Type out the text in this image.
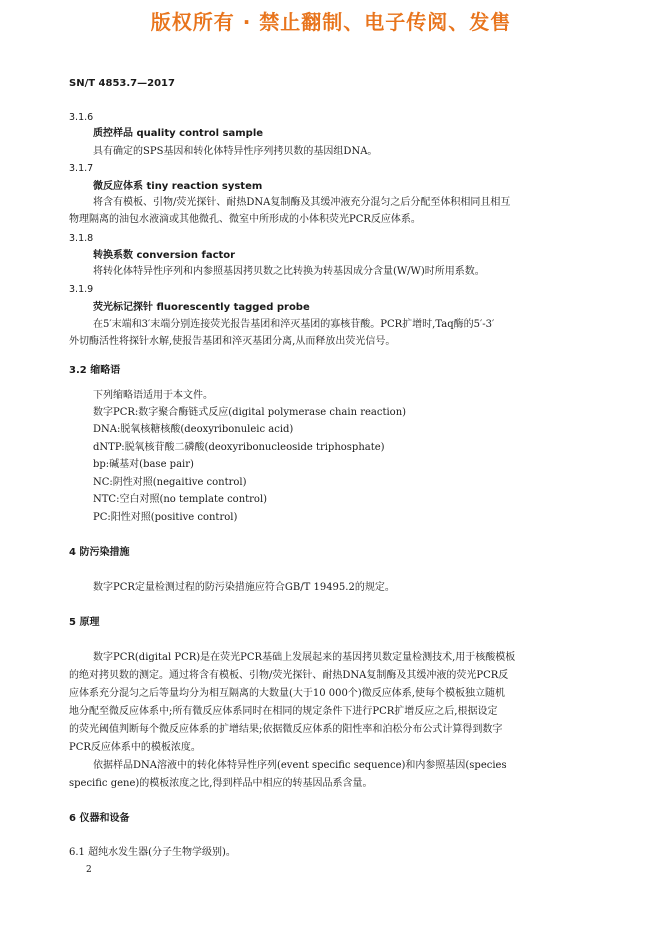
版权所有 · 禁止翻制、电子传阅、发售
SN/T 4853.7—2017
3.1.6
质控样品 quality control sample
具有确定的SPS基因和转化体特异性序列拷贝数的基因组DNA。
3.1.7
微反应体系 tiny reaction system
将含有模板、引物/荧光探针、耐热DNA复制酶及其缓冲液充分混匀之后分配至体积相同且相互
物理隔离的油包水液滴或其他微孔、微室中所形成的小体积荧光PCR反应体系。
3.1.8
转换系数 conversion factor
将转化体特异性序列和内参照基因拷贝数之比转换为转基因成分含量(W/W)时所用系数。
3.1.9
荧光标记探针 fluorescently tagged probe
在5′末端和3′末端分别连接荧光报告基团和淬灭基团的寡核苷酸。PCR扩增时,Taq酶的5′-3′
外切酶活性将探针水解,使报告基团和淬灭基团分离,从而释放出荧光信号。
3.2 缩略语
下列缩略语适用于本文件。
数字PCR:数字聚合酶链式反应(digital polymerase chain reaction)
DNA:脱氧核糖核酸(deoxyribonuleic acid)
dNTP:脱氧核苷酸二磷酸(deoxyribonucleoside triphosphate)
bp:碱基对(base pair)
NC:阴性对照(negaitive control)
NTC:空白对照(no template control)
PC:阳性对照(positive control)
4 防污染措施
数字PCR定量检测过程的防污染措施应符合GB/T 19495.2的规定。
5 原理
数字PCR(digital PCR)是在荧光PCR基础上发展起来的基因拷贝数定量检测技术,用于核酸模板
的绝对拷贝数的测定。通过将含有模板、引物/荧光探针、耐热DNA复制酶及其缓冲液的荧光PCR反
应体系充分混匀之后等量均分为相互隔离的大数量(大于10 000个)微反应体系,使每个模板独立随机
地分配至微反应体系中;所有微反应体系同时在相同的规定条件下进行PCR扩增反应之后,根据设定
的荧光阈值判断每个微反应体系的扩增结果;依据微反应体系的阳性率和泊松分布公式计算得到数字
PCR反应体系中的模板浓度。
依据样品DNA溶液中的转化体特异性序列(event specific sequence)和内参照基因(species
specific gene)的模板浓度之比,得到样品中相应的转基因品系含量。
6 仪器和设备
6.1 超纯水发生器(分子生物学级别)。
2
